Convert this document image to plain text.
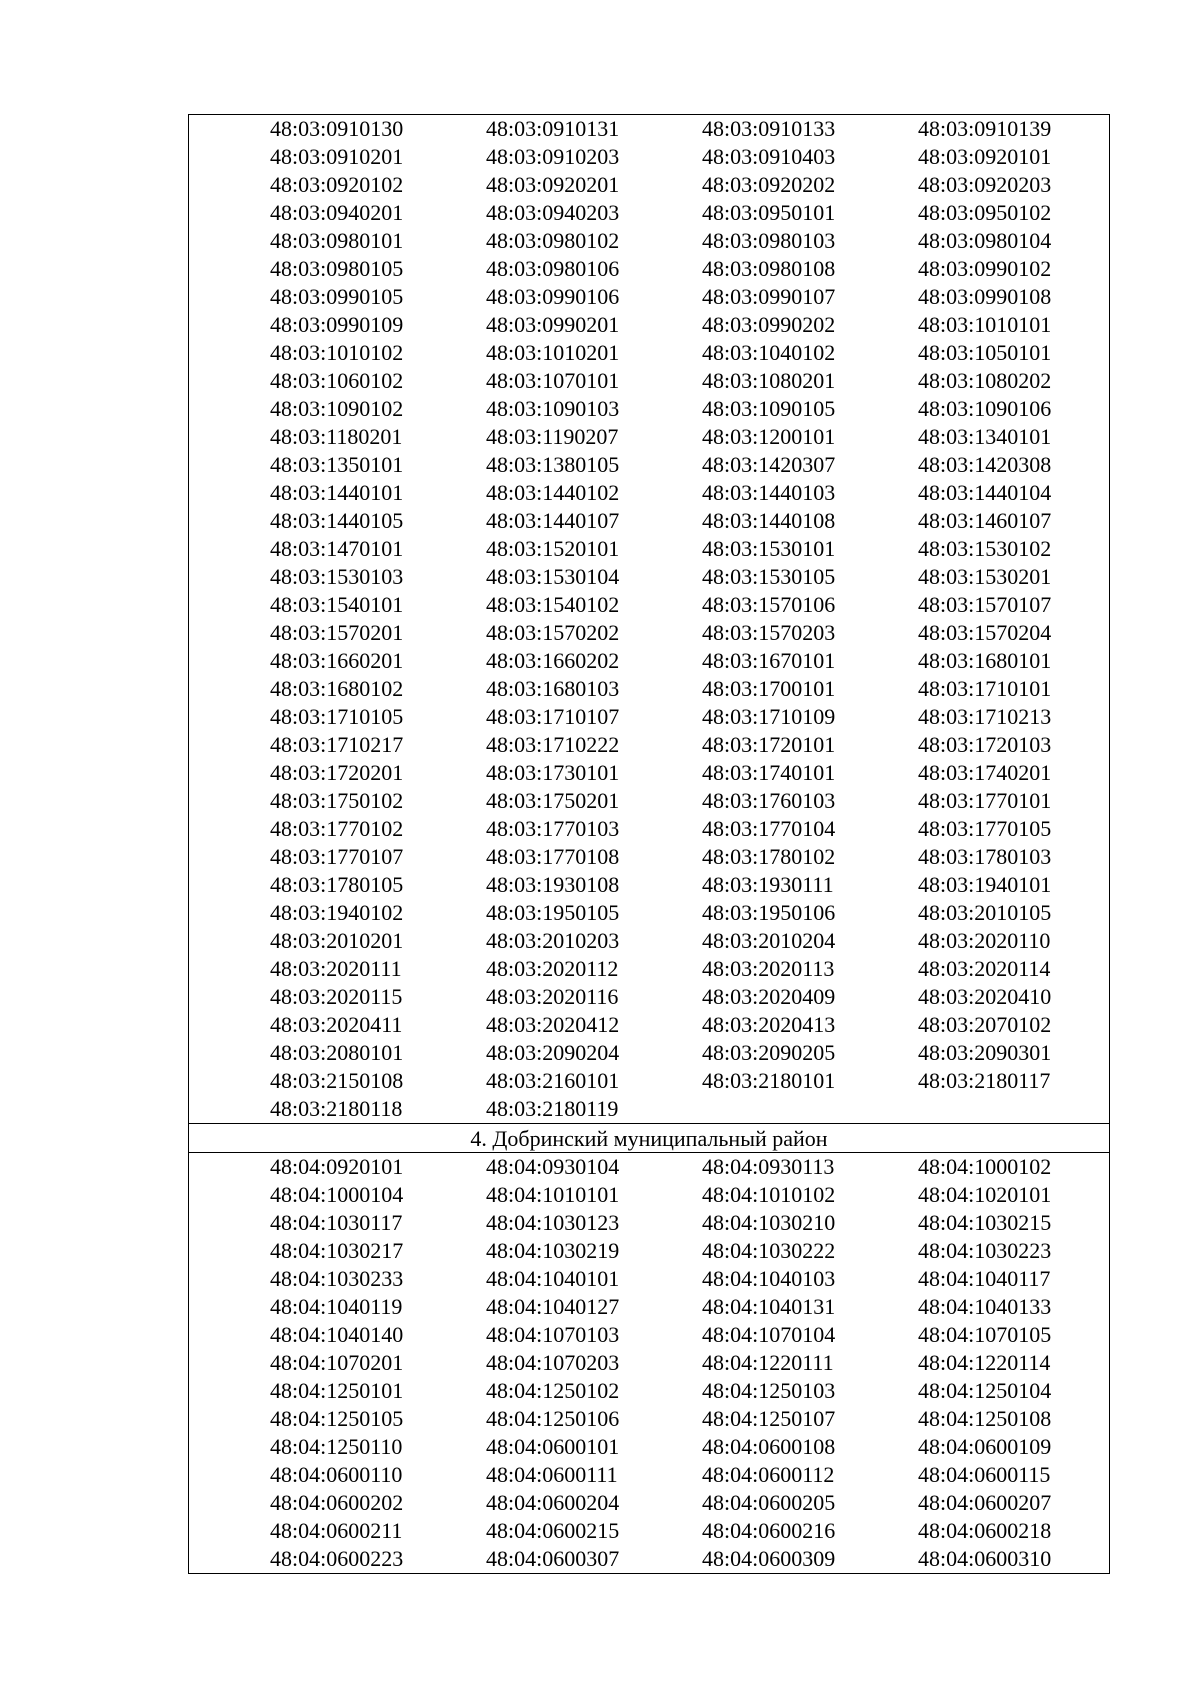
48:03:0910130	48:03:0910131	48:03:0910133	48:03:0910139
48:03:0910201	48:03:0910203	48:03:0910403	48:03:0920101
48:03:0920102	48:03:0920201	48:03:0920202	48:03:0920203
48:03:0940201	48:03:0940203	48:03:0950101	48:03:0950102
48:03:0980101	48:03:0980102	48:03:0980103	48:03:0980104
48:03:0980105	48:03:0980106	48:03:0980108	48:03:0990102
48:03:0990105	48:03:0990106	48:03:0990107	48:03:0990108
48:03:0990109	48:03:0990201	48:03:0990202	48:03:1010101
48:03:1010102	48:03:1010201	48:03:1040102	48:03:1050101
48:03:1060102	48:03:1070101	48:03:1080201	48:03:1080202
48:03:1090102	48:03:1090103	48:03:1090105	48:03:1090106
48:03:1180201	48:03:1190207	48:03:1200101	48:03:1340101
48:03:1350101	48:03:1380105	48:03:1420307	48:03:1420308
48:03:1440101	48:03:1440102	48:03:1440103	48:03:1440104
48:03:1440105	48:03:1440107	48:03:1440108	48:03:1460107
48:03:1470101	48:03:1520101	48:03:1530101	48:03:1530102
48:03:1530103	48:03:1530104	48:03:1530105	48:03:1530201
48:03:1540101	48:03:1540102	48:03:1570106	48:03:1570107
48:03:1570201	48:03:1570202	48:03:1570203	48:03:1570204
48:03:1660201	48:03:1660202	48:03:1670101	48:03:1680101
48:03:1680102	48:03:1680103	48:03:1700101	48:03:1710101
48:03:1710105	48:03:1710107	48:03:1710109	48:03:1710213
48:03:1710217	48:03:1710222	48:03:1720101	48:03:1720103
48:03:1720201	48:03:1730101	48:03:1740101	48:03:1740201
48:03:1750102	48:03:1750201	48:03:1760103	48:03:1770101
48:03:1770102	48:03:1770103	48:03:1770104	48:03:1770105
48:03:1770107	48:03:1770108	48:03:1780102	48:03:1780103
48:03:1780105	48:03:1930108	48:03:1930111	48:03:1940101
48:03:1940102	48:03:1950105	48:03:1950106	48:03:2010105
48:03:2010201	48:03:2010203	48:03:2010204	48:03:2020110
48:03:2020111	48:03:2020112	48:03:2020113	48:03:2020114
48:03:2020115	48:03:2020116	48:03:2020409	48:03:2020410
48:03:2020411	48:03:2020412	48:03:2020413	48:03:2070102
48:03:2080101	48:03:2090204	48:03:2090205	48:03:2090301
48:03:2150108	48:03:2160101	48:03:2180101	48:03:2180117
48:03:2180118	48:03:2180119
4. Добринский муниципальный район
48:04:0920101	48:04:0930104	48:04:0930113	48:04:1000102
48:04:1000104	48:04:1010101	48:04:1010102	48:04:1020101
48:04:1030117	48:04:1030123	48:04:1030210	48:04:1030215
48:04:1030217	48:04:1030219	48:04:1030222	48:04:1030223
48:04:1030233	48:04:1040101	48:04:1040103	48:04:1040117
48:04:1040119	48:04:1040127	48:04:1040131	48:04:1040133
48:04:1040140	48:04:1070103	48:04:1070104	48:04:1070105
48:04:1070201	48:04:1070203	48:04:1220111	48:04:1220114
48:04:1250101	48:04:1250102	48:04:1250103	48:04:1250104
48:04:1250105	48:04:1250106	48:04:1250107	48:04:1250108
48:04:1250110	48:04:0600101	48:04:0600108	48:04:0600109
48:04:0600110	48:04:0600111	48:04:0600112	48:04:0600115
48:04:0600202	48:04:0600204	48:04:0600205	48:04:0600207
48:04:0600211	48:04:0600215	48:04:0600216	48:04:0600218
48:04:0600223	48:04:0600307	48:04:0600309	48:04:0600310
